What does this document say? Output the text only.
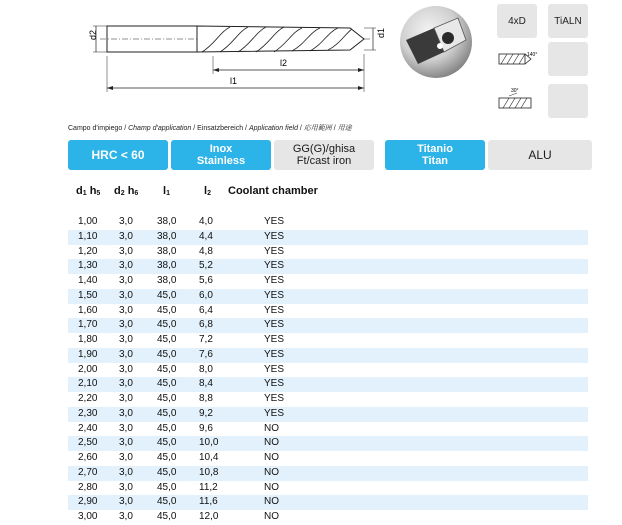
d2	d1
l2
l1
4xD	TiALN
140°
30°
Campo d'impiego / Champ d'application / Einsatzbereich / Application field / 応用範囲 / 用途
HRC < 60	Inox
Stainless
GG(G)/ghisa
Ft/cast iron
Titanio
Titan	ALU
$d_1$ $h_5$ $d_2$ $h_6$ $l_1$	$l_2$ Coolant chamber
1,00 3,0 38,0 4,0	YES
1,10 3,0 38,0 4,4	YES
1,20 3,0 38,0 4,8	YES
1,30 3,0 38,0 5,2	YES
1,40 3,0 38,0 5,6	YES
1,50 3,0 45,0 6,0	YES
1,60 3,0 45,0 6,4	YES
1,70 3,0 45,0 6,8	YES
1,80 3,0 45,0 7,2	YES
1,90 3,0 45,0 7,6	YES
2,00 3,0 45,0 8,0	YES
2,10 3,0 45,0 8,4	YES
2,20 3,0 45,0 8,8	YES
2,30 3,0 45,0 9,2	YES
2,40 3,0 45,0 9,6	NO
2,50 3,0 45,0 10,0	NO
2,60 3,0 45,0 10,4	NO
2,70 3,0 45,0 10,8	NO
2,80 3,0 45,0 11,2	NO
2,90 3,0 45,0 11,6	NO
3,00 3,0 45,0 12,0	NO
